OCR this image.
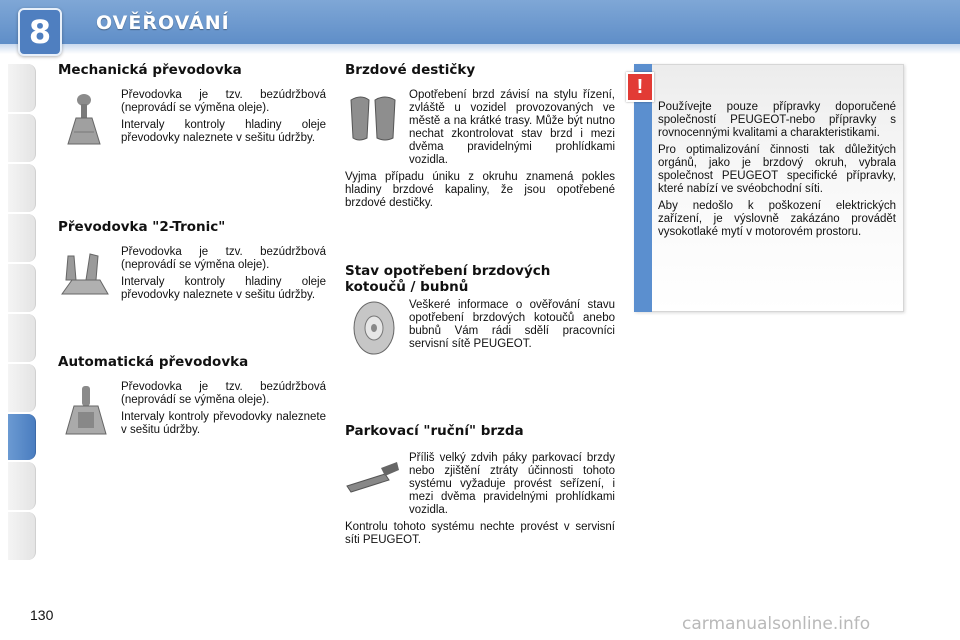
8	OVĚŘOVÁNÍ
Mechanická převodovka

Převodovka je tzv. bezúdržbová (neprovádí se výměna oleje).

Intervaly kontroly hladiny oleje převodovky naleznete v sešitu údržby.

Převodovka "2-Tronic"

Převodovka je tzv. bezúdržbová (neprovádí se výměna oleje).

Intervaly kontroly hladiny oleje převodovky naleznete v sešitu údržby.

Automatická převodovka

Převodovka je tzv. bezúdržbová (neprovádí se výměna oleje).

Intervaly kontroly převodovky naleznete v sešitu údržby.

Brzdové destičky

Opotřebení brzd závisí na stylu řízení, zvláště u vozidel provozovaných ve městě a na krátké trasy. Může být nutno nechat zkontrolovat stav brzd i mezi dvěma pravidelnými prohlídkami vozidla.

Vyjma případu úniku z okruhu znamená pokles hladiny brzdové kapaliny, že jsou opotřebené brzdové destičky.

Stav opotřebení brzdových kotoučů / bubnů

Veškeré informace o ověřování stavu opotřebení brzdových kotoučů anebo bubnů Vám rádi sdělí pracovníci servisní sítě PEUGEOT.

Parkovací "ruční" brzda

Příliš velký zdvih páky parkovací brzdy nebo zjištění ztráty účinnosti tohoto systému vyžaduje provést seřízení, i mezi dvěma pravidelnými prohlídkami vozidla.

Kontrolu tohoto systému nechte provést v servisní síti PEUGEOT.

!

Používejte pouze přípravky doporučené společností PEUGEOT-nebo přípravky s rovnocennými kvalitami a charakteristikami.

Pro optimalizování činnosti tak důležitých orgánů, jako je brzdový okruh, vybrala společnost PEUGEOT specifické přípravky, které nabízí ve svéobchodní síti.

Aby nedošlo k poškození elektrických zařízení, je výslovně zakázáno provádět vysokotlaké mytí v motorovém prostoru.

130	carmanualsonline.info
